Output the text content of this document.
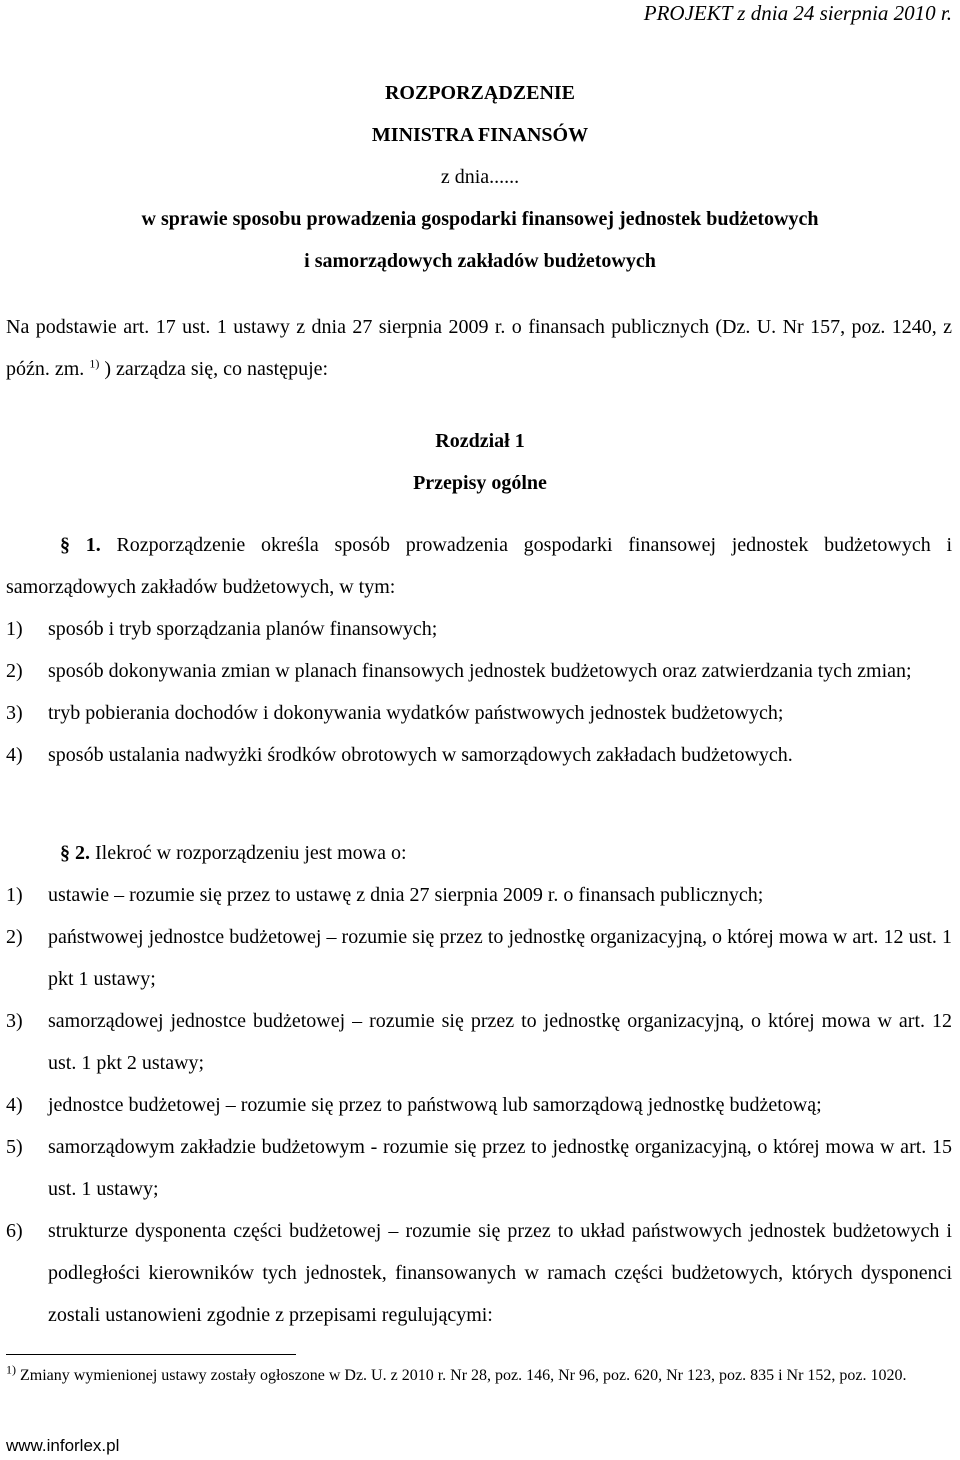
PROJEKT z dnia 24 sierpnia 2010 r.
ROZPORZĄDZENIE
MINISTRA FINANSÓW
z dnia......
w sprawie sposobu prowadzenia gospodarki finansowej jednostek budżetowych
i samorządowych zakładów budżetowych
Na podstawie art. 17 ust. 1 ustawy z dnia 27 sierpnia 2009 r. o finansach publicznych (Dz. U. Nr 157, poz. 1240, z późn. zm. $^{1)}$ ) zarządza się, co następuje:
Rozdział 1
Przepisy ogólne
§ 1. Rozporządzenie określa sposób prowadzenia gospodarki finansowej jednostek budżetowych i samorządowych zakładów budżetowych, w tym:
1) sposób i tryb sporządzania planów finansowych;
2) sposób dokonywania zmian w planach finansowych jednostek budżetowych oraz zatwierdzania tych zmian;
3) tryb pobierania dochodów i dokonywania wydatków państwowych jednostek budżetowych;
4) sposób ustalania nadwyżki środków obrotowych w samorządowych zakładach budżetowych.
§ 2. Ilekroć w rozporządzeniu jest mowa o:
1) ustawie – rozumie się przez to ustawę z dnia 27 sierpnia 2009 r. o finansach publicznych;
2) państwowej jednostce budżetowej – rozumie się przez to jednostkę organizacyjną, o której mowa w art. 12 ust. 1 pkt 1 ustawy;
3) samorządowej jednostce budżetowej – rozumie się przez to jednostkę organizacyjną, o której mowa w art. 12 ust. 1 pkt 2 ustawy;
4) jednostce budżetowej – rozumie się przez to państwową lub samorządową jednostkę budżetową;
5) samorządowym zakładzie budżetowym - rozumie się przez to jednostkę organizacyjną, o której mowa w art. 15 ust. 1 ustawy;
6) strukturze dysponenta części budżetowej – rozumie się przez to układ państwowych jednostek budżetowych i podległości kierowników tych jednostek, finansowanych w ramach części budżetowych, których dysponenci zostali ustanowieni zgodnie z przepisami regulującymi:
$^{1)}$ Zmiany wymienionej ustawy zostały ogłoszone w Dz. U. z 2010 r. Nr 28, poz. 146, Nr 96, poz. 620, Nr 123, poz. 835 i Nr 152, poz. 1020.
www.inforlex.pl
